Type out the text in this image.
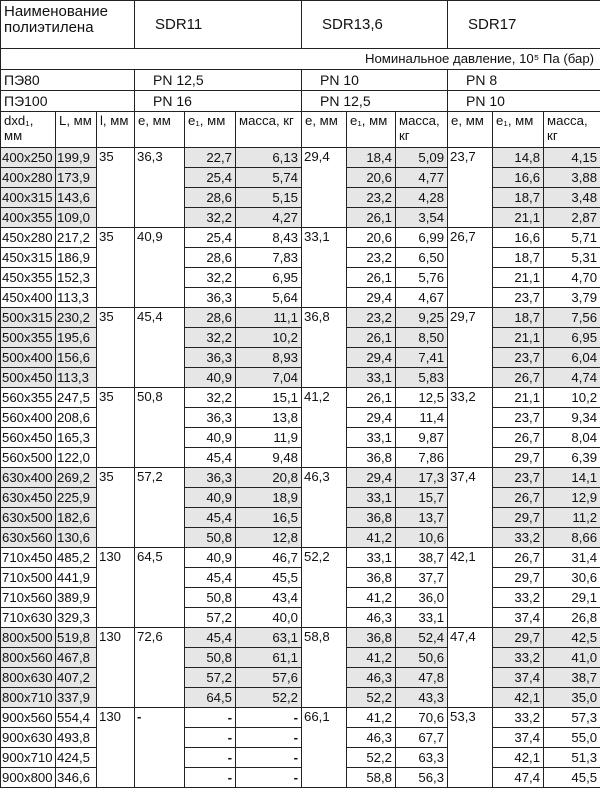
Наименование полиэтилена			SDR11			SDR13,6			SDR17		
Номинальное давление, 10⁵ Па (бар)											
ПЭ80			PN 12,5			PN 10			PN 8		
ПЭ100			PN 16			PN 12,5			PN 10		
dxd₁, мм	L, мм	l, мм	e, мм	e₁, мм	масса, кг	e, мм	e₁, мм	масса, кг	e, мм	e₁, мм	масса, кг
400x250	199,9	35	36,3	22,7	6,13	29,4	18,4	5,09	23,7	14,8	4,15
400x280	173,9			25,4	5,74		20,6	4,77		16,6	3,88
400x315	143,6			28,6	5,15		23,2	4,28		18,7	3,48
400x355	109,0			32,2	4,27		26,1	3,54		21,1	2,87
450x280	217,2	35	40,9	25,4	8,43	33,1	20,6	6,99	26,7	16,6	5,71
450x315	186,9			28,6	7,83		23,2	6,50		18,7	5,31
450x355	152,3			32,2	6,95		26,1	5,76		21,1	4,70
450x400	113,3			36,3	5,64		29,4	4,67		23,7	3,79
500x315	230,2	35	45,4	28,6	11,1	36,8	23,2	9,25	29,7	18,7	7,56
500x355	195,6			32,2	10,2		26,1	8,50		21,1	6,95
500x400	156,6			36,3	8,93		29,4	7,41		23,7	6,04
500x450	113,3			40,9	7,04		33,1	5,83		26,7	4,74
560x355	247,5	35	50,8	32,2	15,1	41,2	26,1	12,5	33,2	21,1	10,2
560x400	208,6			36,3	13,8		29,4	11,4		23,7	9,34
560x450	165,3			40,9	11,9		33,1	9,87		26,7	8,04
560x500	122,0			45,4	9,48		36,8	7,86		29,7	6,39
630x400	269,2	35	57,2	36,3	20,8	46,3	29,4	17,3	37,4	23,7	14,1
630x450	225,9			40,9	18,9		33,1	15,7		26,7	12,9
630x500	182,6			45,4	16,5		36,8	13,7		29,7	11,2
630x560	130,6			50,8	12,8		41,2	10,6		33,2	8,66
710x450	485,2	130	64,5	40,9	46,7	52,2	33,1	38,7	42,1	26,7	31,4
710x500	441,9			45,4	45,5		36,8	37,7		29,7	30,6
710x560	389,9			50,8	43,4		41,2	36,0		33,2	29,1
710x630	329,3			57,2	40,0		46,3	33,1		37,4	26,8
800x500	519,8	130	72,6	45,4	63,1	58,8	36,8	52,4	47,4	29,7	42,5
800x560	467,8			50,8	61,1		41,2	50,6		33,2	41,0
800x630	407,2			57,2	57,6		46,3	47,8		37,4	38,7
800x710	337,9			64,5	52,2		52,2	43,3		42,1	35,0
900x560	554,4	130	-	-	-	66,1	41,2	70,6	53,3	33,2	57,3
900x630	493,8			-	-		46,3	67,7		37,4	55,0
900x710	424,5			-	-		52,2	63,3		42,1	51,3
900x800	346,6			-	-		58,8	56,3		47,4	45,5
